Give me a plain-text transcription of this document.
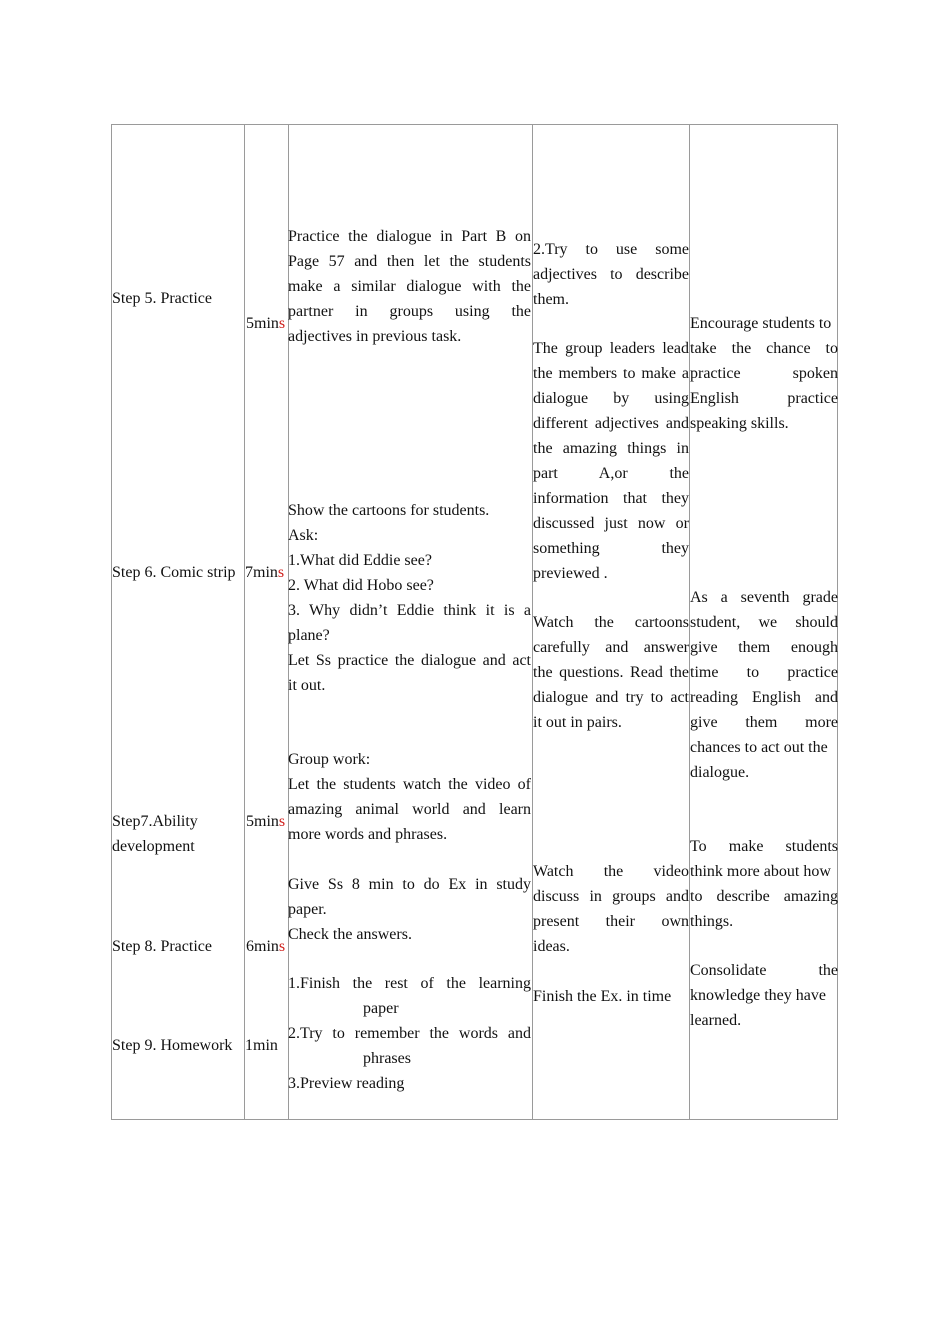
Step 5. Practice
Step 6. Comic strip
Step7.Ability
development
Step 8. Practice
Step 9. Homework
5mins
7mins
5mins
6mins
1min
Practice the dialogue in Part B on
Page 57 and then let the students
make a similar dialogue with the
partner in groups using the
adjectives in previous task.
Show the cartoons for students.
Ask:
1.What did Eddie see?
2. What did Hobo see?
3. Why didn’t Eddie think it is a
plane?
Let Ss practice the dialogue and act
it out.
Group work:
Let the students watch the video of
amazing animal world and learn
more words and phrases.
Give Ss 8 min to do Ex in study
paper.
Check the answers.
1.Finish the rest of the learning
paper
2.Try to remember the words and
phrases
3.Preview reading
2.Try to use some
adjectives to describe
them.
The group leaders lead
the members to make a
dialogue by using
different adjectives and
the amazing things in
part A,or the
information that they
discussed just now or
something they
previewed .
Watch the cartoons
carefully and answer
the questions. Read the
dialogue and try to act
it out in pairs.
Watch the video
discuss in groups and
present their own
ideas.
Finish the Ex. in time
Encourage students to
take the chance to
practice spoken
English practice
speaking skills.
As a seventh grade
student, we should
give them enough
time to practice
reading English and
give them more
chances to act out the
dialogue.
To make students
think more about how
to describe amazing
things.
Consolidate the
knowledge they have
learned.
